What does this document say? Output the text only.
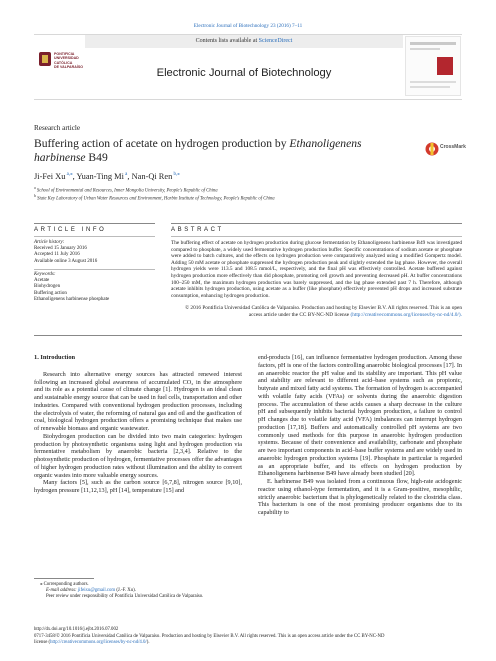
Electronic Journal of Biotechnology 23 (2016) 7–11
Contents lists available at ScienceDirect
PONTIFICIA
UNIVERSIDAD
CATÓLICA
DE VALPARAÍSO
Electronic Journal of Biotechnology
Research article
Buffering action of acetate on hydrogen production by Ethanoligenens harbinense B49
CrossMark
Ji-Fei Xu $^{a,⁎}$, Yuan-Ting Mi $^a$, Nan-Qi Ren $^{b,⁎}$
$^a$ School of Environmental and Resources, Inner Mongolia University, People's Republic of China
$^b$ State Key Laboratory of Urban Water Resources and Environment, Harbin Institute of Technology, People's Republic of China
ARTICLE INFO	ABSTRACT
Article history:
Received 15 January 2016
Accepted 11 July 2016
Available online 3 August 2016
Keywords:
Acetate
Biohydrogen
Buffering action
Ethanoligenens harbinense phosphate
The buffering effect of acetate on hydrogen production during glucose fermentation by Ethanoligenens harbinense B49 was investigated compared to phosphate, a widely used fermentative hydrogen production buffer. Specific concentrations of sodium acetate or phosphate were added to batch cultures, and the effects on hydrogen production were comparatively analyzed using a modified Gompertz model. Adding 50 mM acetate or phosphate suppressed the hydrogen production peak and slightly extended the lag phase. However, the overall hydrogen yields were 113.5 and 108.5 mmol/L, respectively, and the final pH was effectively controlled. Acetate buffered against hydrogen production more effectively than did phosphate, promoting cell growth and preventing decreased pH. At buffer concentrations 100–250 mM, the maximum hydrogen production was barely suppressed, and the lag phase extended past 7 h. Therefore, although acetate inhibits hydrogen production, using acetate as a buffer (like phosphate) effectively prevented pH drops and increased substrate consumption, enhancing hydrogen production.
© 2016 Pontificia Universidad Católica de Valparaíso. Production and hosting by Elsevier B.V. All rights reserved. This is an open access article under the CC BY-NC-ND license (http://creativecommons.org/licenses/by-nc-nd/4.0/).
1. Introduction

Research into alternative energy sources has attracted renewed interest following an increased global awareness of accumulated CO₂ in the atmosphere and its role as a potential cause of climate change [1]. Hydrogen is an ideal clean and sustainable energy source that can be used in fuel cells, transportation and other industries. Compared with conventional hydrogen production processes, including the electrolysis of water, the reforming of natural gas and oil and the gasification of coal, biological hydrogen production offers a promising technique that makes use of renewable biomass and organic wastewater.

Biohydrogen production can be divided into two main categories: hydrogen production by photosynthetic organisms using light and hydrogen production via fermentative metabolism by anaerobic bacteria [2,3,4]. Relative to the photosynthetic production of hydrogen, fermentative processes offer the advantages of higher hydrogen production rates without illumination and the ability to convert organic wastes into more valuable energy sources.

Many factors [5], such as the carbon source [6,7,8], nitrogen source [9,10], hydrogen pressure [11,12,13], pH [14], temperature [15] and

end-products [16], can influence fermentative hydrogen production. Among these factors, pH is one of the factors controlling anaerobic biological processes [17]. In an anaerobic reactor the pH value and its stability are important. This pH value and stability are relevant to different acid–base systems such as propionic, butyrate and mixed fatty acid systems. The formation of hydrogen is accompanied with volatile fatty acids (VFAs) or solvents during the anaerobic digestion process. The accumulation of these acids causes a sharp decrease in the culture pH and subsequently inhibits bacterial hydrogen production, a failure to control pH changes due to volatile fatty acid (VFA) imbalances can interrupt hydrogen production [17,18]. Buffers and automatically controlled pH systems are two commonly used methods for this purpose in anaerobic hydrogen production systems. Because of their convenience and availability, carbonate and phosphate are two important components in acid–base buffer systems and are widely used in anaerobic hydrogen production systems [19]. Phosphate in particular is regarded as an appropriate buffer, and its effects on hydrogen production by Ethanoligenens harbinense B49 have already been studied [20].

E. harbinense B49 was isolated from a continuous flow, high-rate acidogenic reactor using ethanol-type fermentation, and it is a Gram-positive, mesophilic, strictly anaerobic bacterium that is phylogenetically related to the clostridia class. This bacterium is one of the most promising producer organisms due to its capability to

⁎ Corresponding authors.
E-mail address: jifeixu@gmail.com (J.-F. Xu).
Peer review under responsibility of Pontificia Universidad Católica de Valparaíso.
http://dx.doi.org/10.1016/j.ejbt.2016.07.002
0717-3458/© 2016 Pontificia Universidad Católica de Valparaíso. Production and hosting by Elsevier B.V. All rights reserved. This is an open access article under the CC BY-NC-ND
license (http://creativecommons.org/licenses/by-nc-nd/4.0/).
